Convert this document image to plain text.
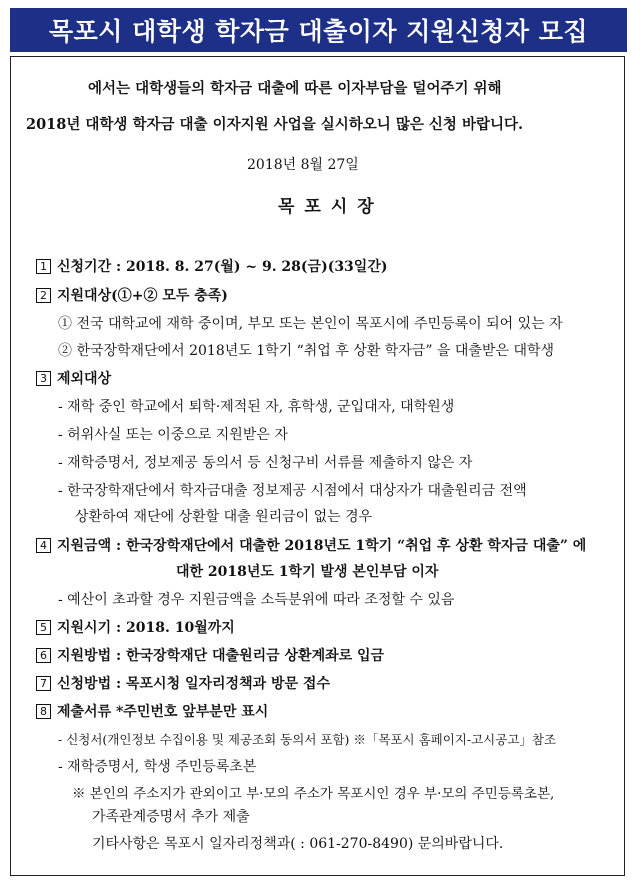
목포시 대학생 학자금 대출이자 지원신청자 모집
에서는 대학생들의 학자금 대출에 따른 이자부담을 덜어주기 위해
2018년 대학생 학자금 대출 이자지원 사업을 실시하오니 많은 신청 바랍니다.
2018년 8월 27일
목포시장
1 신청기간 : 2018. 8. 27(월) ~ 9. 28(금)(33일간)
2 지원대상(①+② 모두 충족)
① 전국 대학교에 재학 중이며, 부모 또는 본인이 목포시에 주민등록이 되어 있는 자
② 한국장학재단에서 2018년도 1학기 “취업 후 상환 학자금” 을 대출받은 대학생
3 제외대상
- 재학 중인 학교에서 퇴학·제적된 자, 휴학생, 군입대자, 대학원생
- 허위사실 또는 이중으로 지원받은 자
- 재학증명서, 정보제공 동의서 등 신청구비 서류를 제출하지 않은 자
- 한국장학재단에서 학자금대출 정보제공 시점에서 대상자가 대출원리금 전액
상환하여 재단에 상환할 대출 원리금이 없는 경우
4 지원금액 : 한국장학재단에서 대출한 2018년도 1학기 “취업 후 상환 학자금 대출” 에
대한 2018년도 1학기 발생 본인부담 이자
- 예산이 초과할 경우 지원금액을 소득분위에 따라 조정할 수 있음
5 지원시기 : 2018. 10월까지
6 지원방법 : 한국장학재단 대출원리금 상환계좌로 입금
7 신청방법 : 목포시청 일자리정책과 방문 접수
8 제출서류 *주민번호 앞부분만 표시
- 신청서(개인정보 수집이용 및 제공조회 동의서 포함) ※「목포시 홈페이지-고시공고」참조
- 재학증명서, 학생 주민등록초본
※ 본인의 주소지가 관외이고 부·모의 주소가 목포시인 경우 부·모의 주민등록초본,
가족관계증명서 추가 제출
기타사항은 목포시 일자리정책과( : 061-270-8490) 문의바랍니다.
